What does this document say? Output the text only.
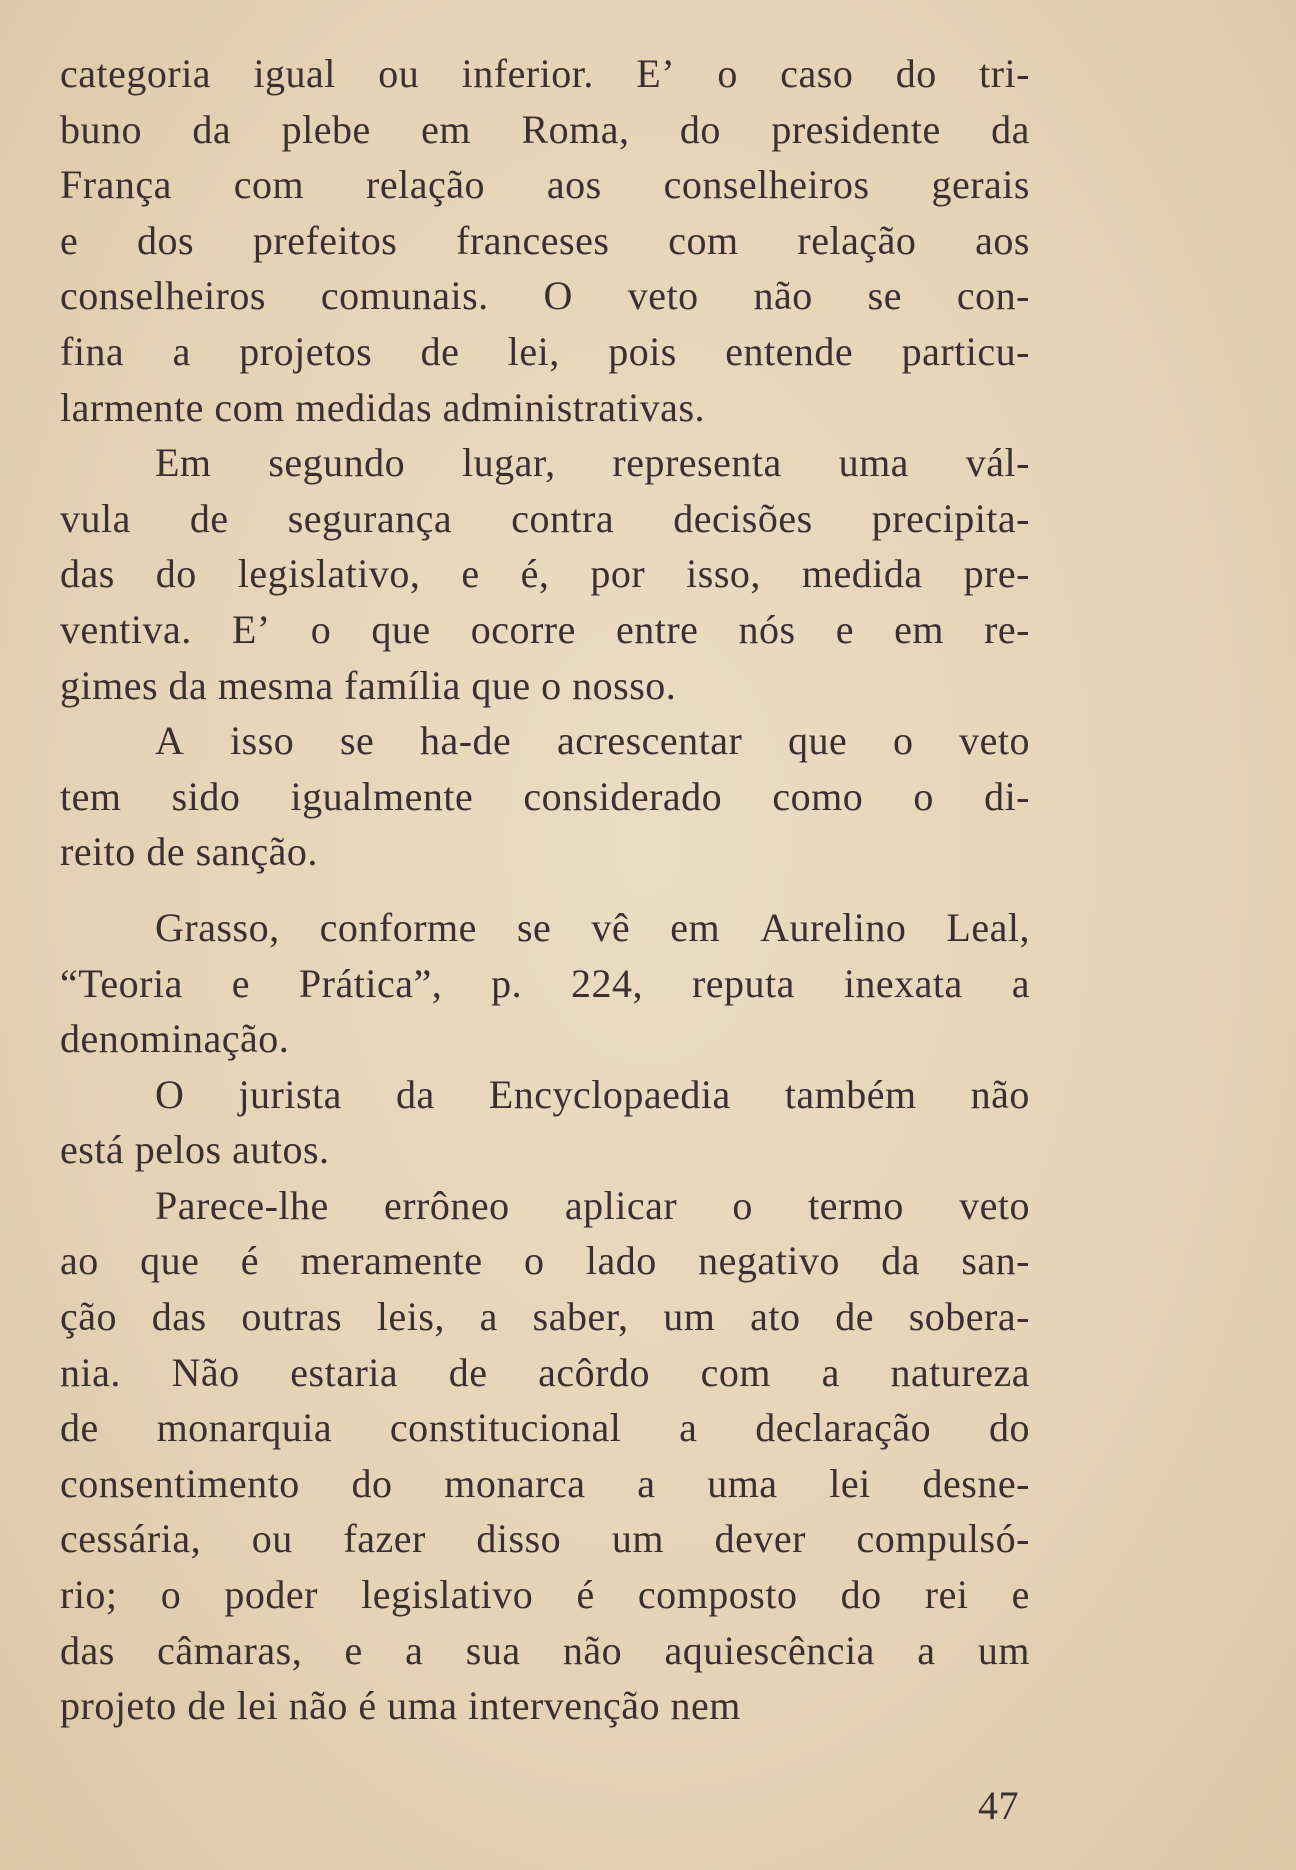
categoria igual ou inferior. E’ o caso do tri-
buno da plebe em Roma, do presidente da
França com relação aos conselheiros gerais
e dos prefeitos franceses com relação aos
conselheiros comunais. O veto não se con-
fina a projetos de lei, pois entende particu-
larmente
com
medidas
administrativas.
Em segundo lugar, representa uma vál-
vula de segurança contra decisões precipita-
das do legislativo, e é, por isso, medida pre-
ventiva. E’ o que ocorre entre nós e em re-
gimes
da
mesma
família
que
o
nosso.
A isso se ha-de acrescentar que o veto
tem sido igualmente considerado como o di-
reito
de
sanção.
Grasso, conforme se vê em Aurelino Leal,
“Teoria e Prática”, p. 224, reputa inexata a
denominação.
O jurista da Encyclopaedia também não
está
pelos
autos.
Parece-lhe errôneo aplicar o termo veto
ao que é meramente o lado negativo da san-
ção das outras leis, a saber, um ato de sobera-
nia. Não estaria de acôrdo com a natureza
de monarquia constitucional a declaração do
consentimento do monarca a uma lei desne-
cessária, ou fazer disso um dever compulsó-
rio; o poder legislativo é composto do rei e
das câmaras, e a sua não aquiescência a um
projeto
de
lei
não
é
uma
intervenção
nem
47
